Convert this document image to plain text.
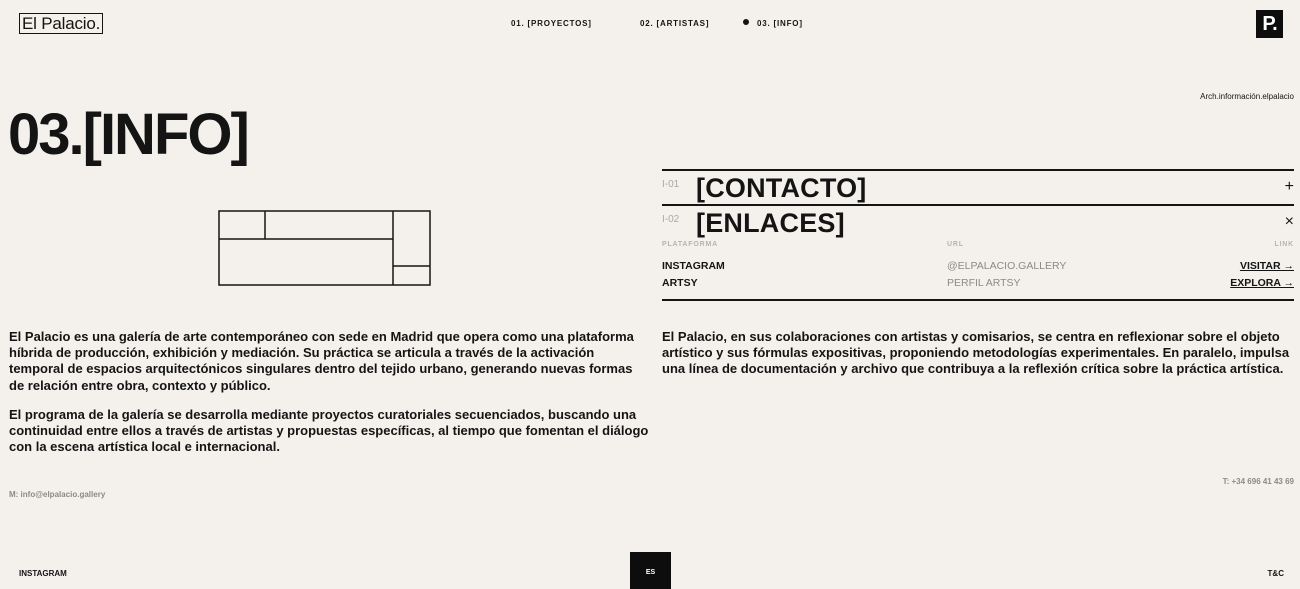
El Palacio.	01. [PROYECTOS]	02. [ARTISTAS]	03. [INFO]	P.
Arch.información.elpalacio
03.[INFO]

El Palacio es una galería de arte contemporáneo con sede en Madrid que opera como una plataforma híbrida de producción, exhibición y mediación. Su práctica se articula a través de la activación temporal de espacios arquitectónicos singulares dentro del tejido urbano, generando nuevas formas de relación entre obra, contexto y público.

El programa de la galería se desarrolla mediante proyectos curatoriales secuenciados, buscando una continuidad entre ellos a través de artistas y propuestas específicas, al tiempo que fomentan el diálogo con la escena artística local e internacional.

M: info@elpalacio.gallery
I-01 [CONTACTO]	+
I-02 [ENLACES]	×
PLATAFORMA	URL	LINK
INSTAGRAM	@ELPALACIO.GALLERY	VISITAR →
ARTSY	PERFIL ARTSY	EXPLORA →
El Palacio, en sus colaboraciones con artistas y comisarios, se centra en reflexionar sobre el objeto artístico y sus fórmulas expositivas, proponiendo metodologías experimentales. En paralelo, impulsa una línea de documentación y archivo que contribuya a la reflexión crítica sobre la práctica artística.
T: +34 696 41 43 69
INSTAGRAM	ES	T&C
